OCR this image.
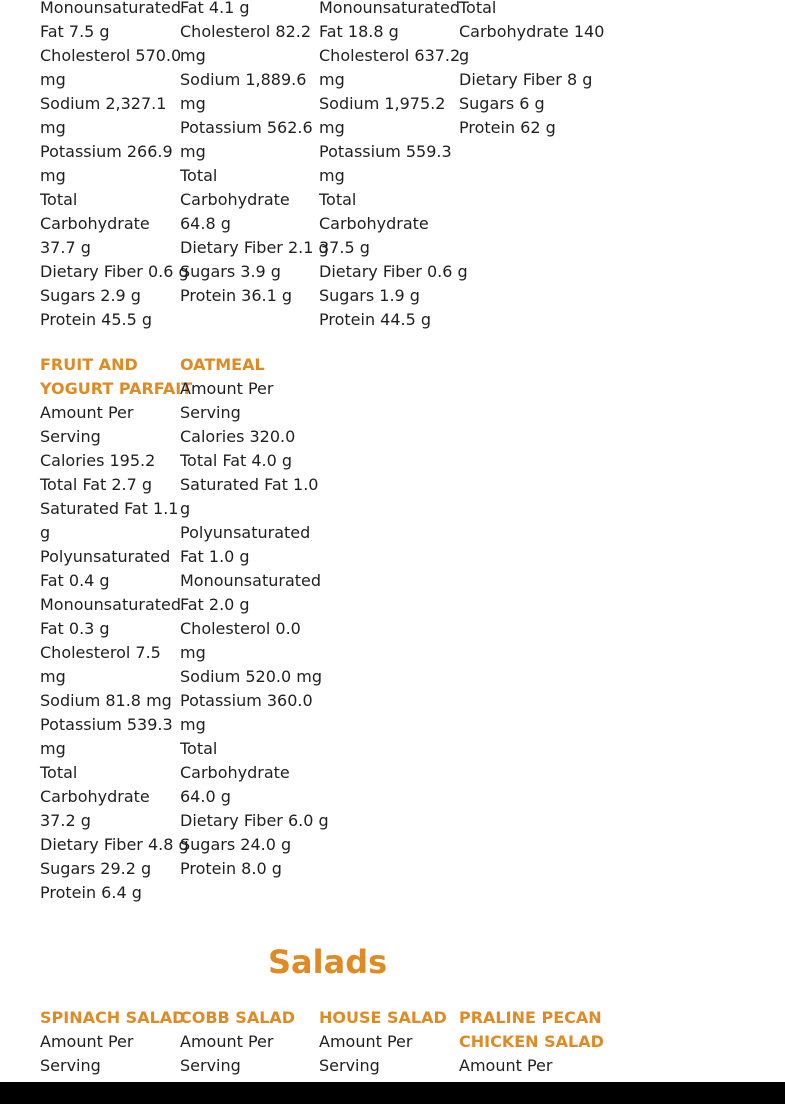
Monounsaturated
Fat 7.5 g
Cholesterol 570.0
mg
Sodium 2,327.1
mg
Potassium 266.9
mg
Total
Carbohydrate
37.7 g
Dietary Fiber 0.6 g
Sugars 2.9 g
Protein 45.5 g
Fat 4.1 g
Cholesterol 82.2
mg
Sodium 1,889.6
mg
Potassium 562.6
mg
Total
Carbohydrate
64.8 g
Dietary Fiber 2.1 g
Sugars 3.9 g
Protein 36.1 g
Monounsaturated
Fat 18.8 g
Cholesterol 637.2
mg
Sodium 1,975.2
mg
Potassium 559.3
mg
Total
Carbohydrate
37.5 g
Dietary Fiber 0.6 g
Sugars 1.9 g
Protein 44.5 g
Total
Carbohydrate 140
g
Dietary Fiber 8 g
Sugars 6 g
Protein 62 g
FRUIT AND
YOGURT PARFAIT
Amount Per
Serving
Calories 195.2
Total Fat 2.7 g
Saturated Fat 1.1
g
Polyunsaturated
Fat 0.4 g
Monounsaturated
Fat 0.3 g
Cholesterol 7.5
mg
Sodium 81.8 mg
Potassium 539.3
mg
Total
Carbohydrate
37.2 g
Dietary Fiber 4.8 g
Sugars 29.2 g
Protein 6.4 g
OATMEAL
Amount Per
Serving
Calories 320.0
Total Fat 4.0 g
Saturated Fat 1.0
g
Polyunsaturated
Fat 1.0 g
Monounsaturated
Fat 2.0 g
Cholesterol 0.0
mg
Sodium 520.0 mg
Potassium 360.0
mg
Total
Carbohydrate
64.0 g
Dietary Fiber 6.0 g
Sugars 24.0 g
Protein 8.0 g
Salads
SPINACH SALAD
Amount Per
Serving
COBB SALAD
Amount Per
Serving
HOUSE SALAD
Amount Per
Serving
PRALINE PECAN
CHICKEN SALAD
Amount Per
